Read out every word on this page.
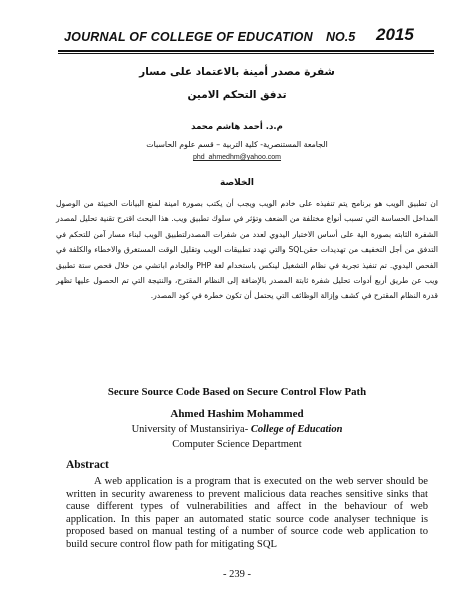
JOURNAL OF COLLEGE OF EDUCATION NO.5 2015
شفرة مصدر أمينة بالاعتماد على مسار
تدفق التحكم الامين
م.د. أحمد هاشم محمد
الجامعة المستنصرية- كلية التربية – قسم علوم الحاسبات
phd_ahmedhm@yahoo.com
الخلاصة

ان تطبيق الويب هو برنامج يتم تنفيذه على خادم الويب ويجب أن يكتب بصورة امينة لمنع البيانات الخبيثة من الوصول المداخل الحساسة التي تسبب أنواع مختلفة من الضعف وتؤثر في سلوك تطبيق ويب. هذا البحث اقترح تقنية تحليل لمصدر الشفرة الثابته بصورة الية على أساس الاختبار اليدوي لعدد من شفرات المصدرلتطبيق الويب لبناء مسار آمن للتحكم في التدفق من أجل التخفيف من تهديدات حقنSQL والتي تهدد تطبيقات الويب وتقليل الوقت المستغرق والاخطاء والكلفة في الفحص اليدوي. تم تنفيذ تجربة في نظام التشغيل لينكس باستخدام لغة PHP والخادم اباتشي من خلال فحص ستة تطبيق ويب عن طريق أربع أدوات تحليل شفرة ثابتة المصدر بالإضافة إلى النظام المقترح، والنتيجة التي تم الحصول عليها تظهر قدرة النظام المقترح في كشف وإزالة الوظائف التي يحتمل أن تكون خطرة في كود المصدر.

Secure Source Code Based on Secure Control Flow Path
Ahmed Hashim Mohammed
University of Mustansiriya- College of Education
Computer Science Department
Abstract

A web application is a program that is executed on the web server should be written in security awareness to prevent malicious data reaches sensitive sinks that cause different types of vulnerabilities and affect in the behaviour of web application. In this paper an automated static source code analyser technique is proposed based on manual testing of a number of source code web application to build secure control flow path for mitigating SQL

- 239 -
